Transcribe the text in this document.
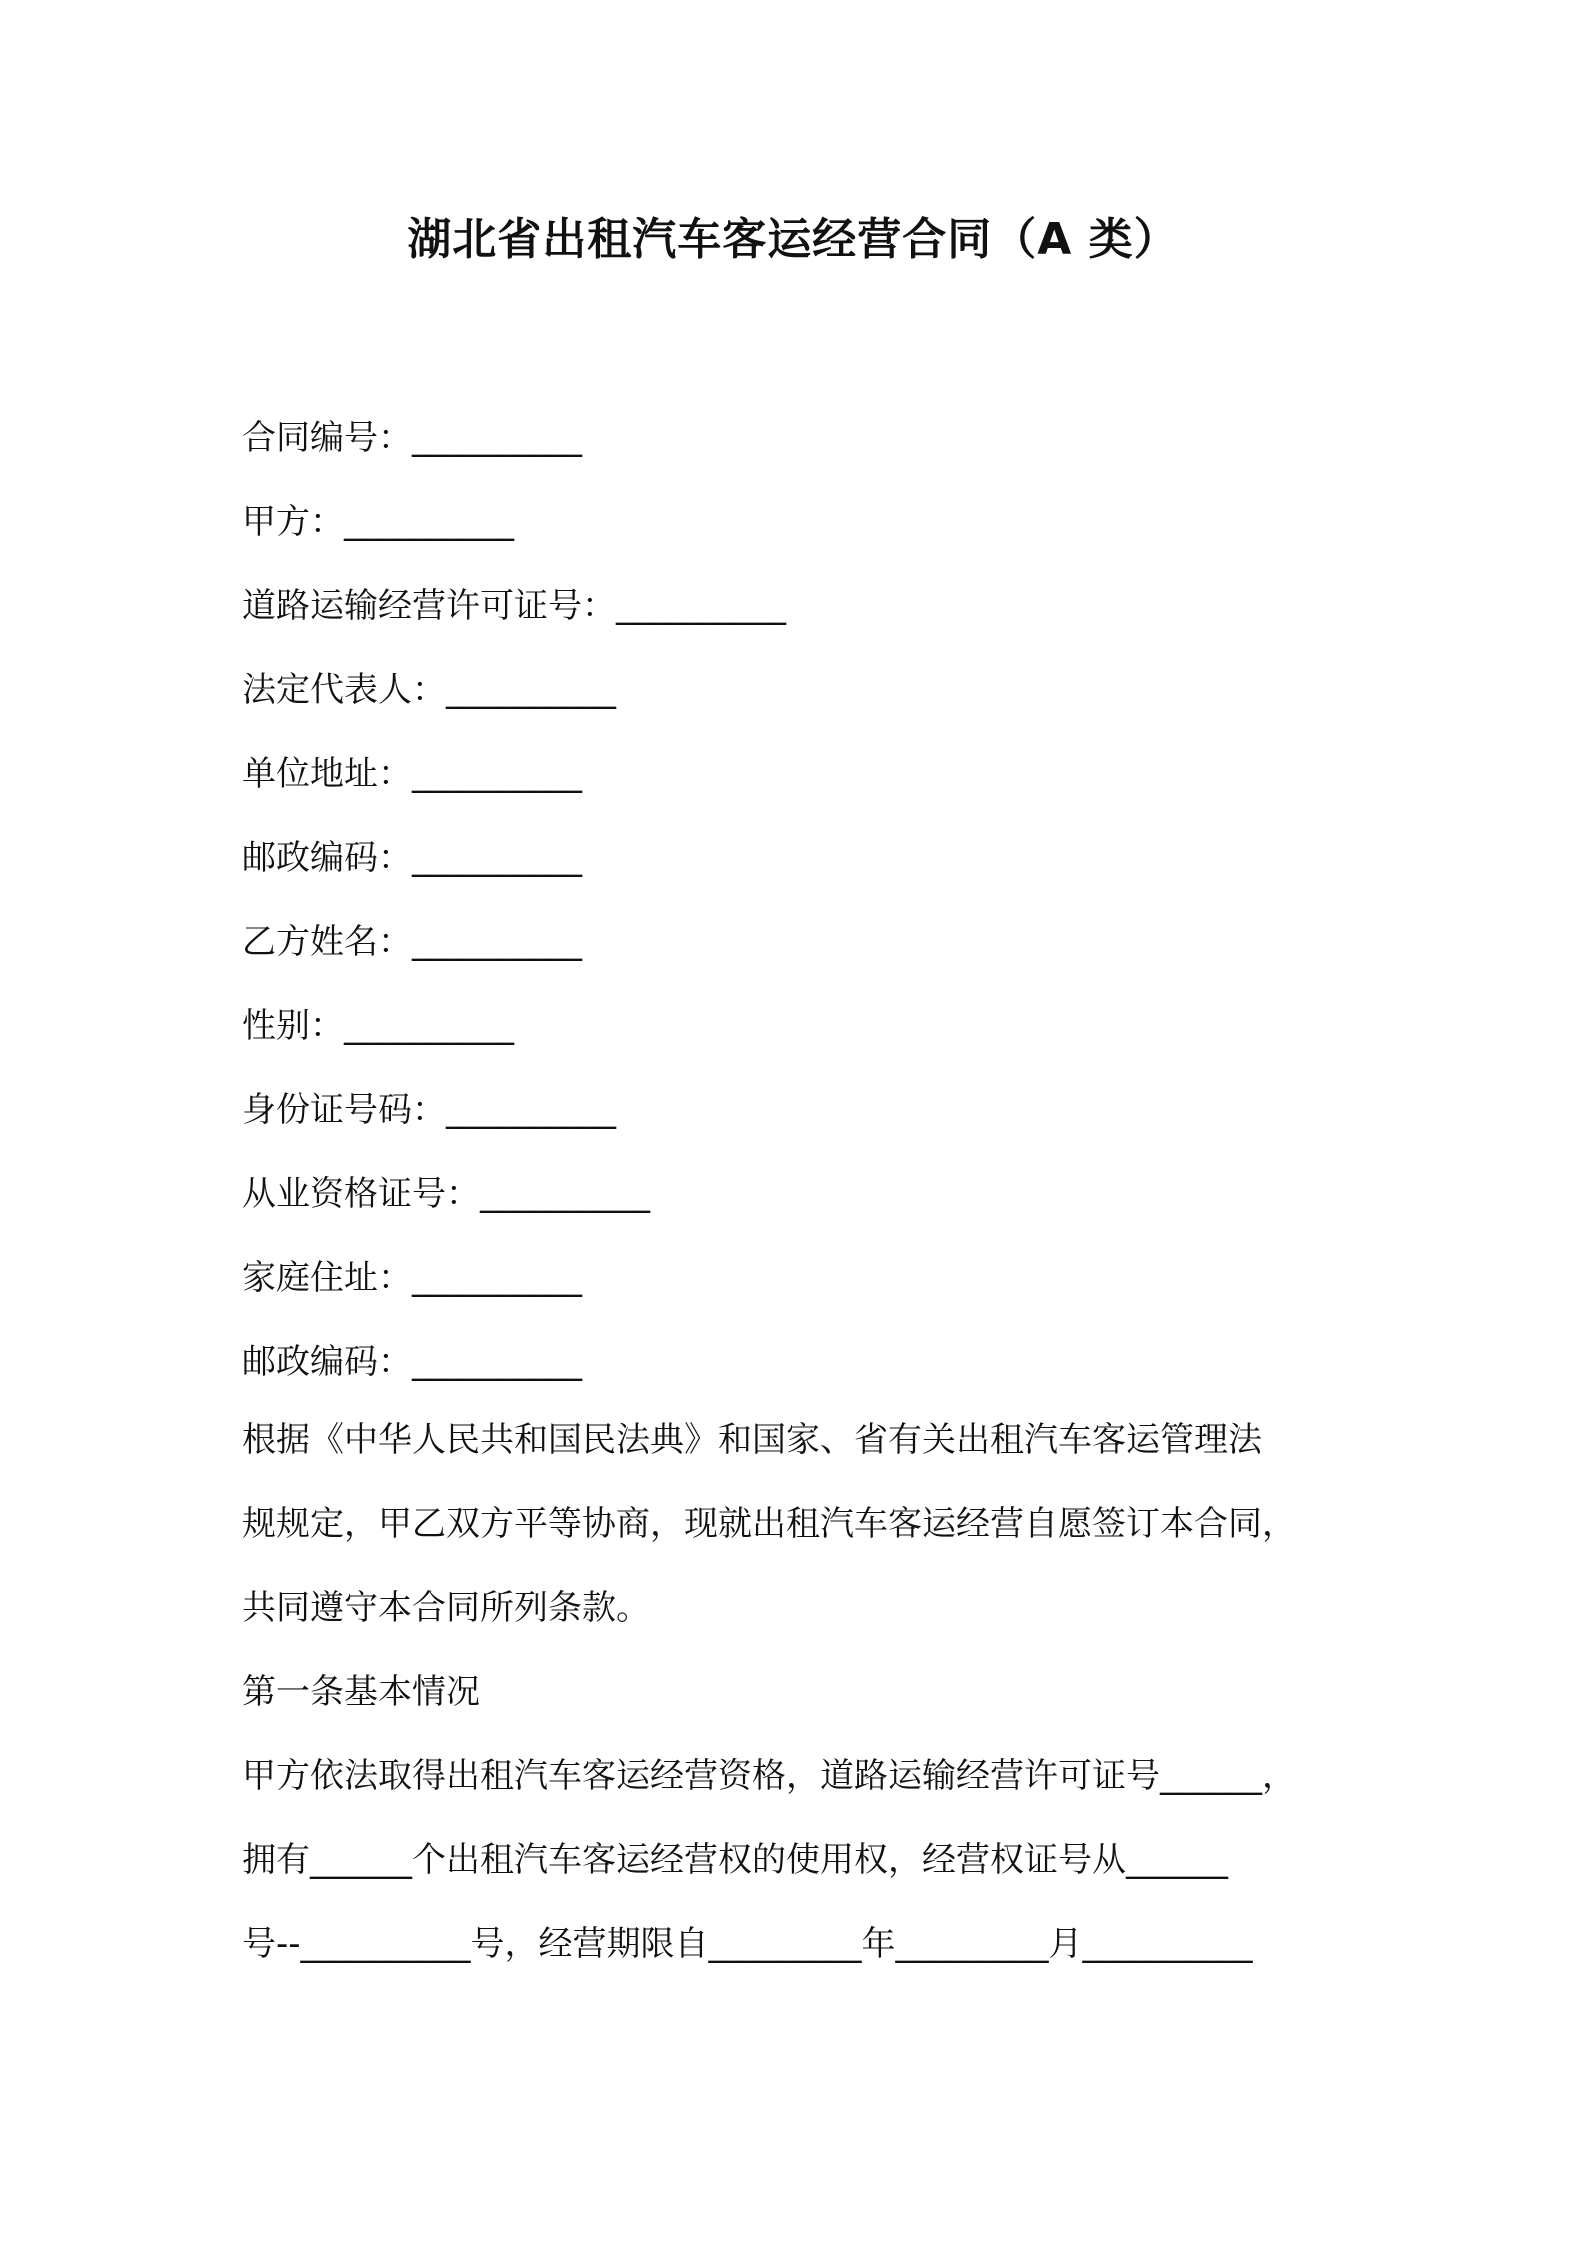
湖北省出租汽车客运经营合同（A 类）
合同编号：__________
甲方：__________
道路运输经营许可证号：__________
法定代表人：__________
单位地址：__________
邮政编码：__________
乙方姓名：__________
性别：__________
身份证号码：__________
从业资格证号：__________
家庭住址：__________
邮政编码：__________
根据《中华人民共和国民法典》和国家、省有关出租汽车客运管理法
规规定，甲乙双方平等协商，现就出租汽车客运经营自愿签订本合同，
共同遵守本合同所列条款。
第一条基本情况
甲方依法取得出租汽车客运经营资格，道路运输经营许可证号______，
拥有______个出租汽车客运经营权的使用权，经营权证号从______
号--__________号，经营期限自_________年_________月__________
